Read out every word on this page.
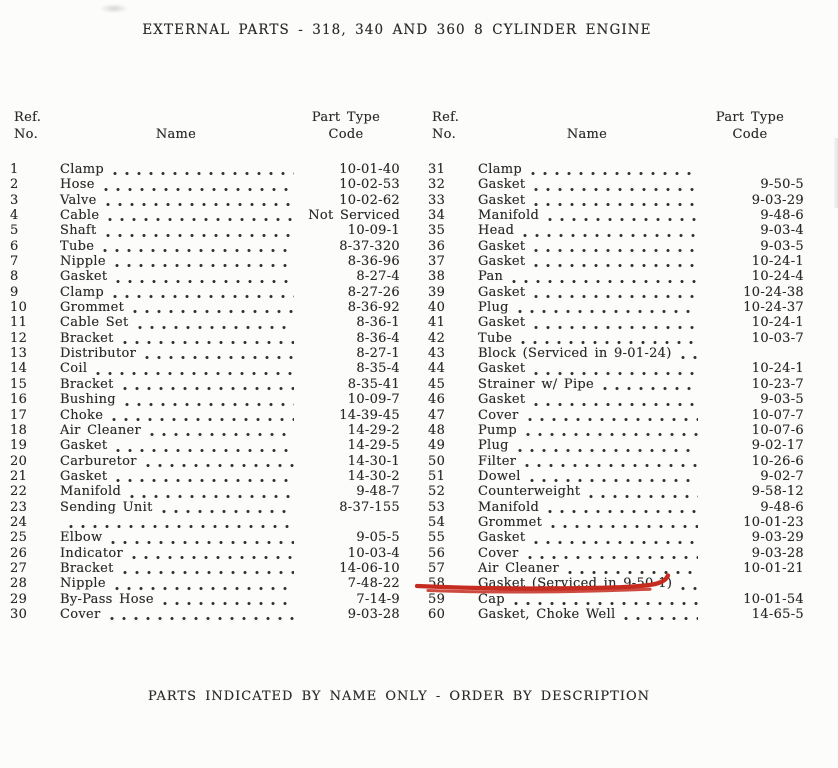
EXTERNAL PARTS - 318, 340 AND 360 8 CYLINDER ENGINE
Ref.
No.	Name
Part Type
Code
1	Clamp	10-01-40
2	Hose	10-02-53
3	Valve	10-02-62
4	Cable	Not Serviced
5	Shaft	10-09-1
6	Tube	8-37-320
7	Nipple	8-36-96
8	Gasket	8-27-4
9	Clamp	8-27-26
10	Grommet	8-36-92
11	Cable Set	8-36-1
12	Bracket	8-36-4
13	Distributor	8-27-1
14	Coil	8-35-4
15	Bracket	8-35-41
16	Bushing	10-09-7
17	Choke	14-39-45
18	Air Cleaner	14-29-2
19	Gasket	14-29-5
20	Carburetor	14-30-1
21	Gasket	14-30-2
22	Manifold	9-48-7
23	Sending Unit	8-37-155
24
25	Elbow	9-05-5
26	Indicator	10-03-4
27	Bracket	14-06-10
28	Nipple	7-48-22
29	By-Pass Hose	7-14-9
30	Cover	9-03-28
Ref.
No.	Name
Part Type
Code
31	Clamp
32	Gasket	9-50-5
33	Gasket	9-03-29
34	Manifold	9-48-6
35	Head	9-03-4
36	Gasket	9-03-5
37	Gasket	10-24-1
38	Pan	10-24-4
39	Gasket	10-24-38
40	Plug	10-24-37
41	Gasket	10-24-1
42	Tube	10-03-7
43	Block (Serviced in 9-01-24)
44	Gasket	10-24-1
45	Strainer w/ Pipe	10-23-7
46	Gasket	9-03-5
47	Cover	10-07-7
48	Pump	10-07-6
49	Plug	9-02-17
50	Filter	10-26-6
51	Dowel	9-02-7
52	Counterweight	9-58-12
53	Manifold	9-48-6
54	Grommet	10-01-23
55	Gasket	9-03-29
56	Cover	9-03-28
57	Air Cleaner	10-01-21
58	Gasket (Serviced in 9-50-1)
59	Cap	10-01-54
60	Gasket, Choke Well	14-65-5
PARTS INDICATED BY NAME ONLY - ORDER BY DESCRIPTION
